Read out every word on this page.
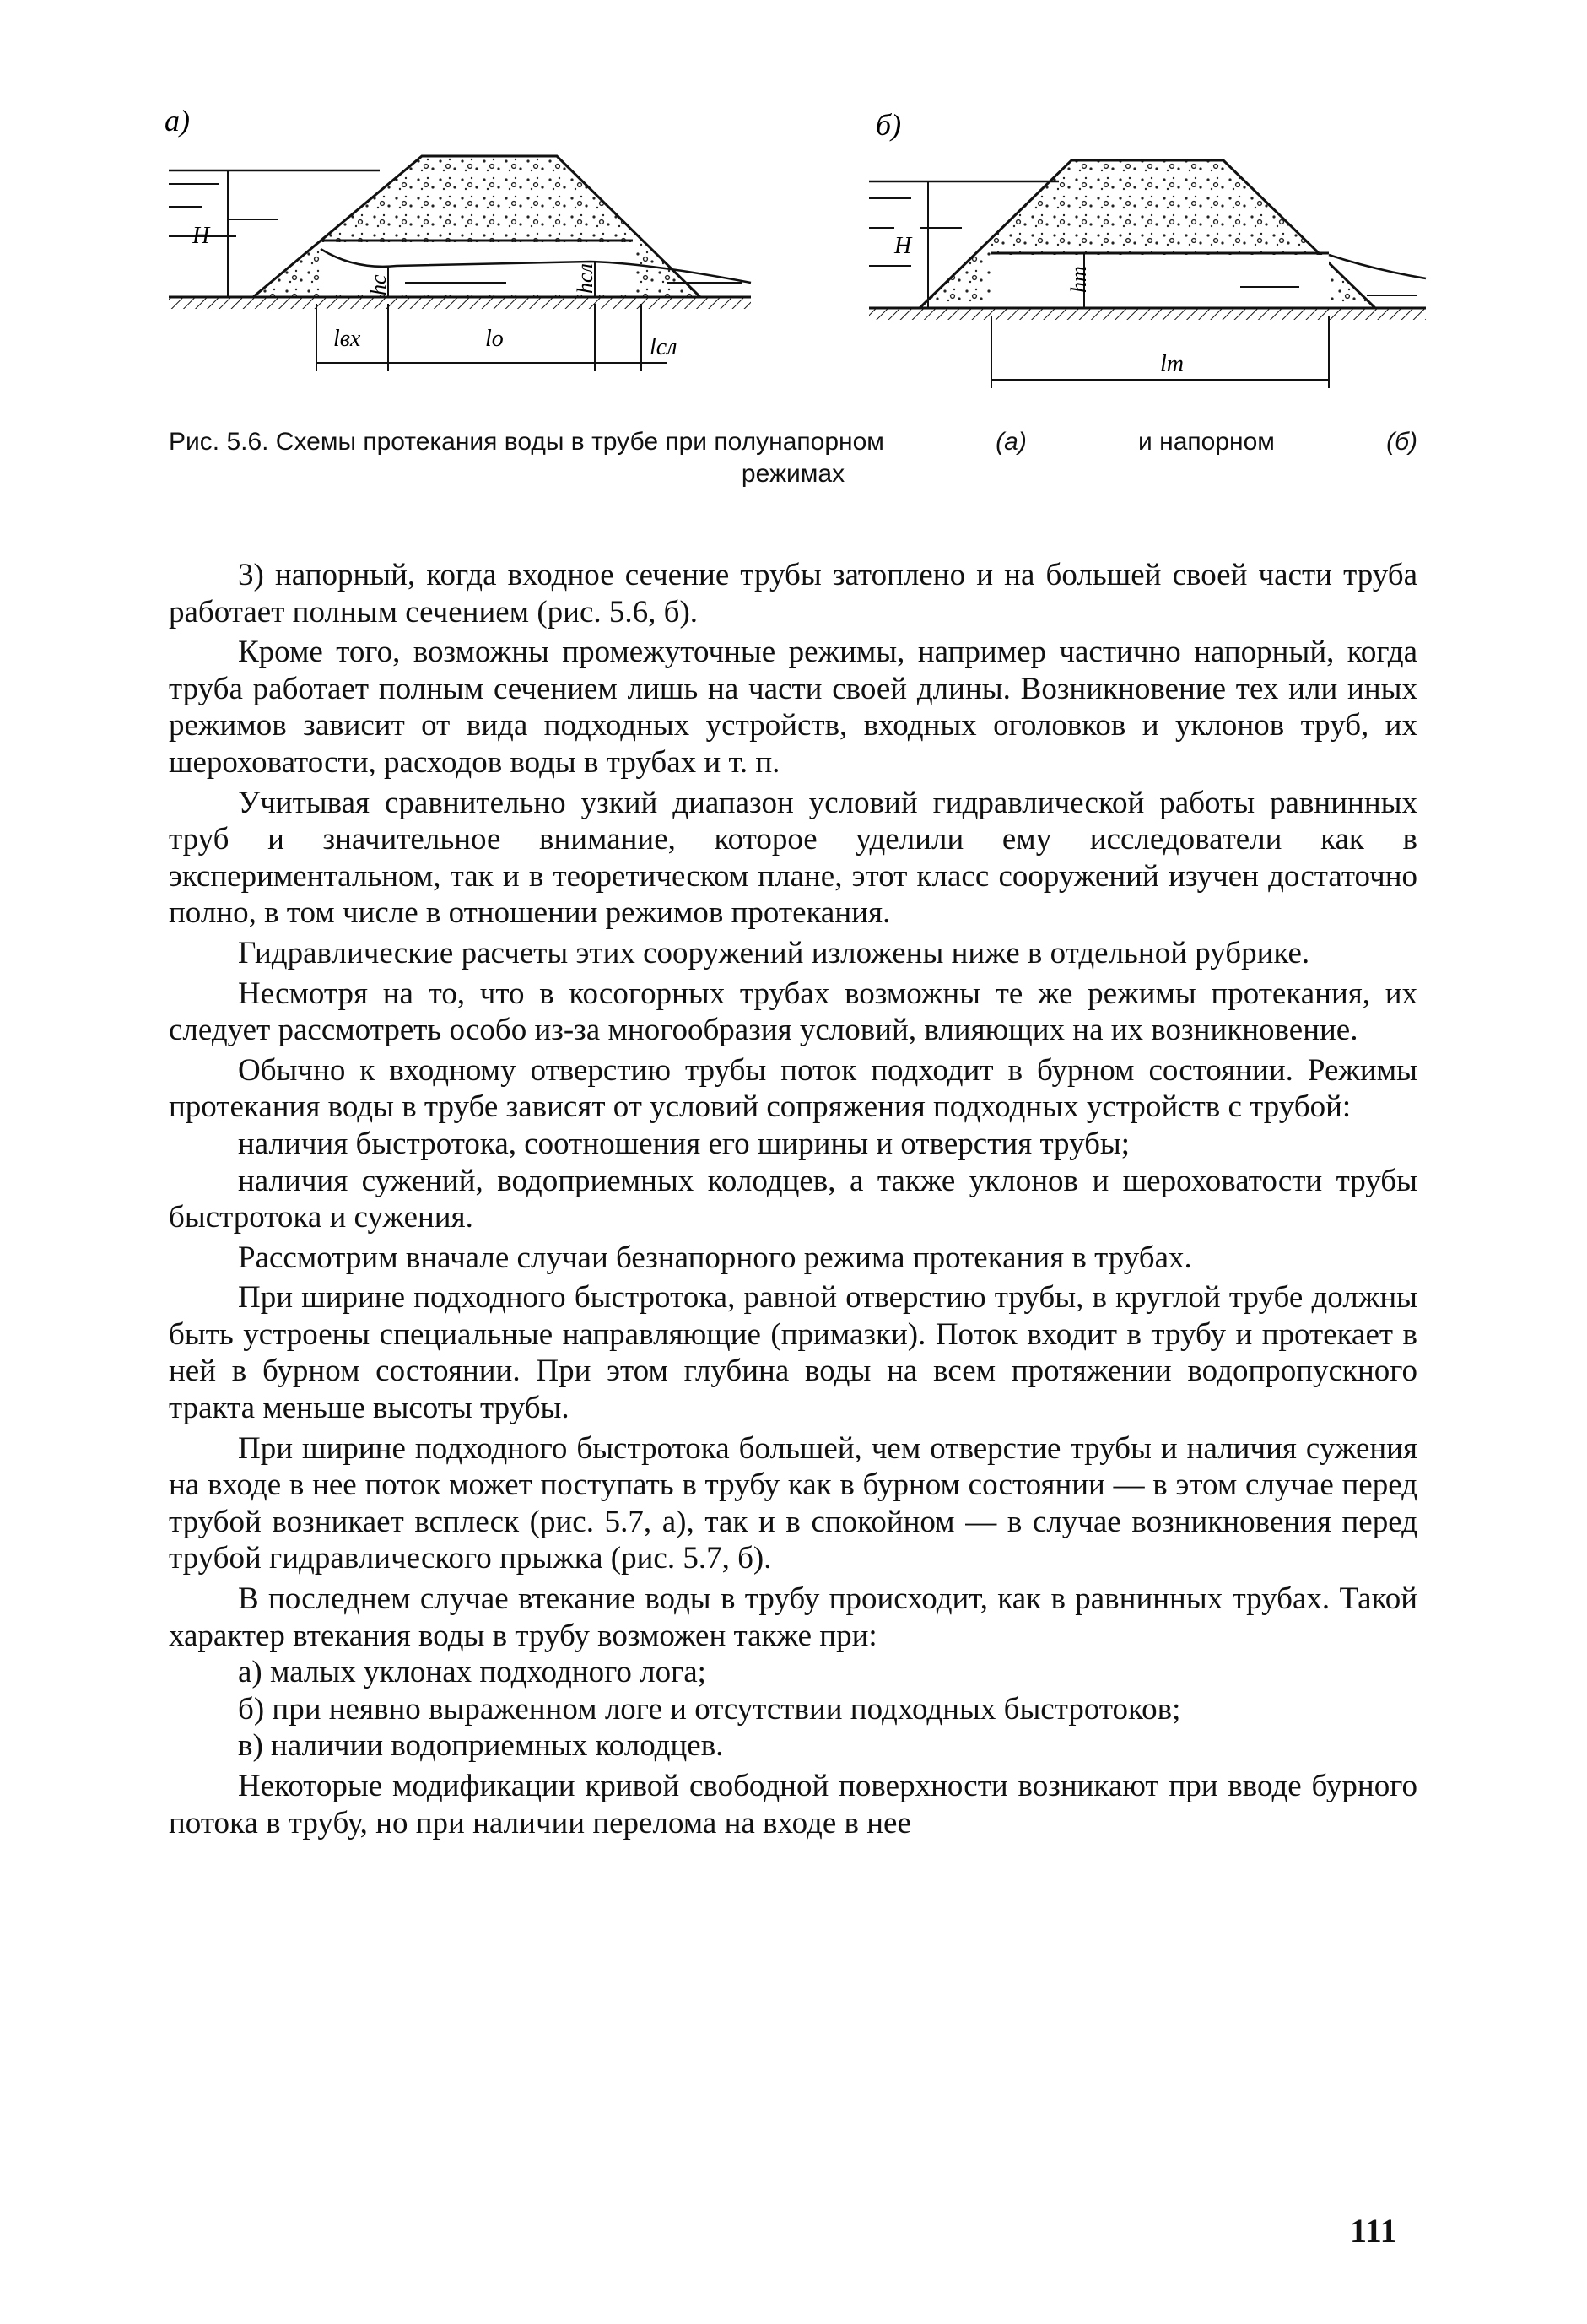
а)
H
hc	hсл
lвх	lo	lсл
б)
H
hт
lт
Рис. 5.6. Схемы протекания воды в трубе при полунапорном	(а)	и напорном	(б)
режимах

3) напорный, когда входное сечение трубы затоплено и на большей своей части труба работает полным сечением (рис. 5.6, б).

Кроме того, возможны промежуточные режимы, например частично напорный, когда труба работает полным сечением лишь на части своей длины. Возникновение тех или иных режимов зависит от вида подходных устройств, входных оголовков и уклонов труб, их шероховатости, расходов воды в трубах и т. п.

Учитывая сравнительно узкий диапазон условий гидравлической работы равнинных труб и значительное внимание, которое уделили ему исследователи как в экспериментальном, так и в теоретическом плане, этот класс сооружений изучен достаточно полно, в том числе в отношении режимов протекания.

Гидравлические расчеты этих сооружений изложены ниже в отдельной рубрике.

Несмотря на то, что в косогорных трубах возможны те же режимы протекания, их следует рассмотреть особо из-за многообразия условий, влияющих на их возникновение.

Обычно к входному отверстию трубы поток подходит в бурном состоянии. Режимы протекания воды в трубе зависят от условий сопряжения подходных устройств с трубой:

наличия быстротока, соотношения его ширины и отверстия трубы;

наличия сужений, водоприемных колодцев, а также уклонов и шероховатости трубы быстротока и сужения.

Рассмотрим вначале случаи безнапорного режима протекания в трубах.

При ширине подходного быстротока, равной отверстию трубы, в круглой трубе должны быть устроены специальные направляющие (примазки). Поток входит в трубу и протекает в ней в бурном состоянии. При этом глубина воды на всем протяжении водопропускного тракта меньше высоты трубы.

При ширине подходного быстротока большей, чем отверстие трубы и наличия сужения на входе в нее поток может поступать в трубу как в бурном состоянии — в этом случае перед трубой возникает всплеск (рис. 5.7, а), так и в спокойном — в случае возникновения перед трубой гидравлического прыжка (рис. 5.7, б).

В последнем случае втекание воды в трубу происходит, как в равнинных трубах. Такой характер втекания воды в трубу возможен также при:

а) малых уклонах подходного лога;

б) при неявно выраженном логе и отсутствии подходных быстротоков;

в) наличии водоприемных колодцев.

Некоторые модификации кривой свободной поверхности возникают при вводе бурного потока в трубу, но при наличии перелома на входе в нее

111
